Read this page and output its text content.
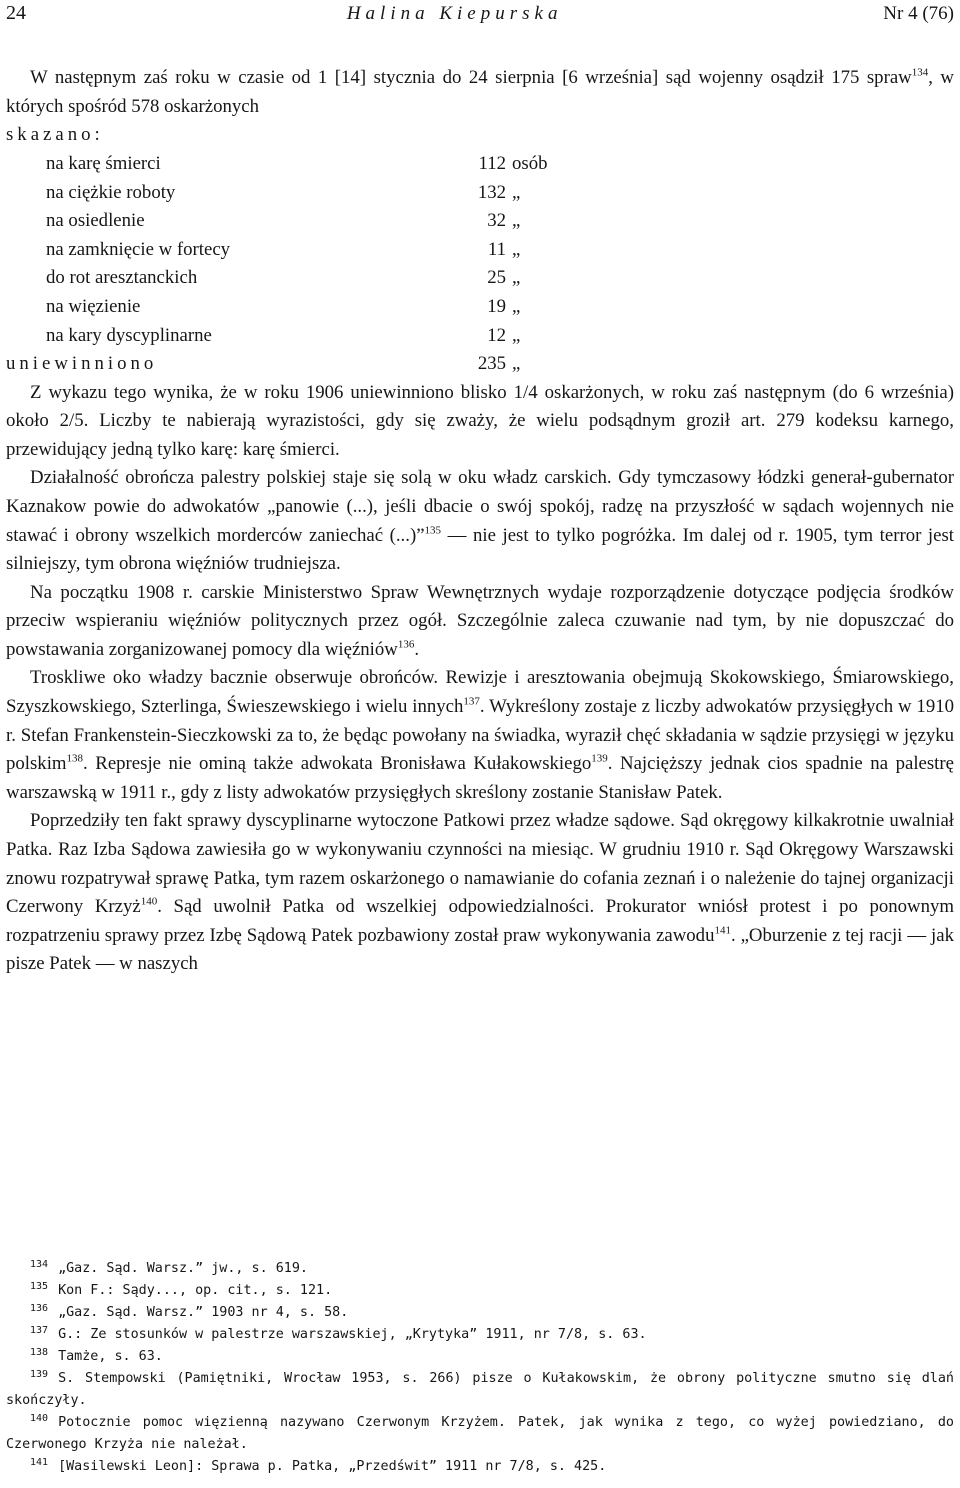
24	Halina Kiepurska	Nr 4 (76)

W następnym zaś roku w czasie od 1 [14] stycznia do 24 sierpnia [6 września] sąd wojenny osądził 175 spraw$^{134}$, w których spośród 578 oskarżonych

skazano:

na karę śmierci	112 osób
na ciężkie roboty	132 „
na osiedlenie	32 „
na zamknięcie w fortecy	11 „
do rot aresztanckich	25 „
na więzienie	19 „
na kary dyscyplinarne	12 „
uniewinniono	235 „

Z wykazu tego wynika, że w roku 1906 uniewinniono blisko 1/4 oskarżonych, w roku zaś następnym (do 6 września) około 2/5. Liczby te nabierają wyrazistości, gdy się zważy, że wielu podsądnym groził art. 279 kodeksu karnego, przewidujący jedną tylko karę: karę śmierci.

Działalność obrończa palestry polskiej staje się solą w oku władz carskich. Gdy tymczasowy łódzki generał-gubernator Kaznakow powie do adwokatów „panowie (...), jeśli dbacie o swój spokój, radzę na przyszłość w sądach wojennych nie stawać i obrony wszelkich morderców zaniechać (...)”$^{135}$ — nie jest to tylko pogróżka. Im dalej od r. 1905, tym terror jest silniejszy, tym obrona więźniów trudniejsza.

Na początku 1908 r. carskie Ministerstwo Spraw Wewnętrznych wydaje rozporządzenie dotyczące podjęcia środków przeciw wspieraniu więźniów politycznych przez ogół. Szczególnie zaleca czuwanie nad tym, by nie dopuszczać do powstawania zorganizowanej pomocy dla więźniów$^{136}$.

Troskliwe oko władzy bacznie obserwuje obrońców. Rewizje i aresztowania obejmują Skokowskiego, Śmiarowskiego, Szyszkowskiego, Szterlinga, Świeszewskiego i wielu innych$^{137}$. Wykreślony zostaje z liczby adwokatów przysięgłych w 1910 r. Stefan Frankenstein-Sieczkowski za to, że będąc powołany na świadka, wyraził chęć składania w sądzie przysięgi w języku polskim$^{138}$. Represje nie ominą także adwokata Bronisława Kułakowskiego$^{139}$. Najcięższy jednak cios spadnie na palestrę warszawską w 1911 r., gdy z listy adwokatów przysięgłych skreślony zostanie Stanisław Patek.

Poprzedziły ten fakt sprawy dyscyplinarne wytoczone Patkowi przez władze sądowe. Sąd okręgowy kilkakrotnie uwalniał Patka. Raz Izba Sądowa zawiesiła go w wykonywaniu czynności na miesiąc. W grudniu 1910 r. Sąd Okręgowy Warszawski znowu rozpatrywał sprawę Patka, tym razem oskarżonego o namawianie do cofania zeznań i o należenie do tajnej organizacji Czerwony Krzyż$^{140}$. Sąd uwolnił Patka od wszelkiej odpowiedzialności. Prokurator wniósł protest i po ponownym rozpatrzeniu sprawy przez Izbę Sądową Patek pozbawiony został praw wykonywania zawodu$^{141}$. „Oburzenie z tej racji — jak pisze Patek — w naszych

$^{134}$ „Gaz. Sąd. Warsz.” jw., s. 619.

$^{135}$ Kon F.: Sądy..., op. cit., s. 121.

$^{136}$ „Gaz. Sąd. Warsz.” 1903 nr 4, s. 58.

$^{137}$ G.: Ze stosunków w palestrze warszawskiej, „Krytyka” 1911, nr 7/8, s. 63.

$^{138}$ Tamże, s. 63.

$^{139}$ S. Stempowski (Pamiętniki, Wrocław 1953, s. 266) pisze o Kułakowskim, że obrony polityczne smutno się dlań skończyły.

$^{140}$ Potocznie pomoc więzienną nazywano Czerwonym Krzyżem. Patek, jak wynika z tego, co wyżej powiedziano, do Czerwonego Krzyża nie należał.

$^{141}$ [Wasilewski Leon]: Sprawa p. Patka, „Przedświt” 1911 nr 7/8, s. 425.
